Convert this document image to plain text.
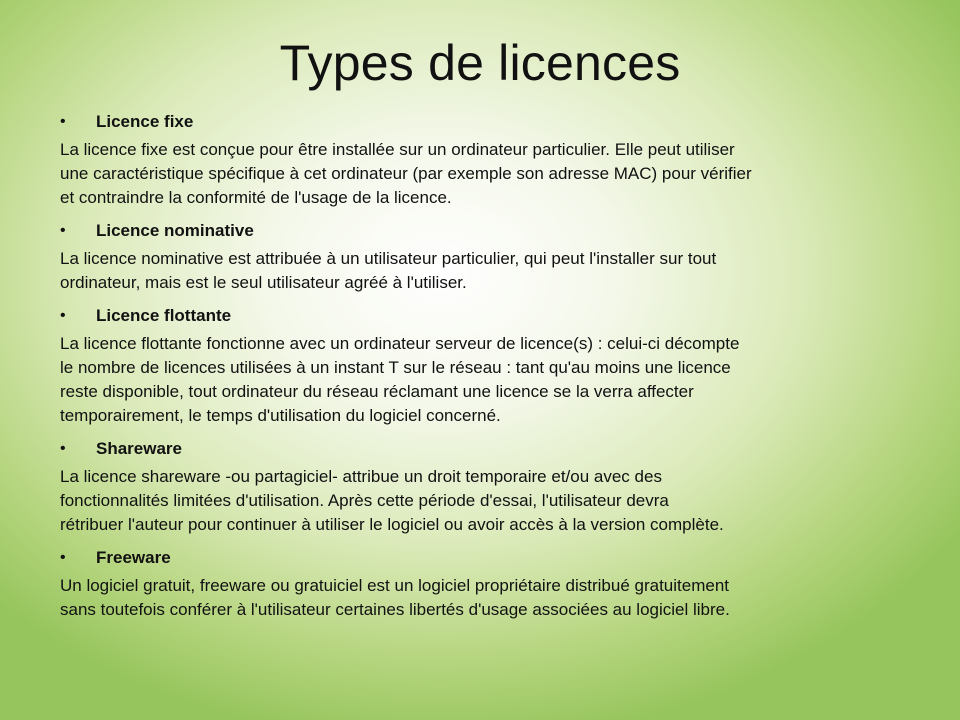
Types de licences
•	Licence fixe

La licence fixe est conçue pour être installée sur un ordinateur particulier. Elle peut utiliser
une caractéristique spécifique à cet ordinateur (par exemple son adresse MAC) pour vérifier
et contraindre la conformité de l'usage de la licence.

•	Licence nominative

La licence nominative est attribuée à un utilisateur particulier, qui peut l'installer sur tout
ordinateur, mais est le seul utilisateur agréé à l'utiliser.

•	Licence flottante

La licence flottante fonctionne avec un ordinateur serveur de licence(s) : celui-ci décompte
le nombre de licences utilisées à un instant T sur le réseau : tant qu'au moins une licence
reste disponible, tout ordinateur du réseau réclamant une licence se la verra affecter
temporairement, le temps d'utilisation du logiciel concerné.

•	Shareware

La licence shareware -ou partagiciel- attribue un droit temporaire et/ou avec des
fonctionnalités limitées d'utilisation. Après cette période d'essai, l'utilisateur devra
rétribuer l'auteur pour continuer à utiliser le logiciel ou avoir accès à la version complète.

•	Freeware

Un logiciel gratuit, freeware ou gratuiciel est un logiciel propriétaire distribué gratuitement
sans toutefois conférer à l'utilisateur certaines libertés d'usage associées au logiciel libre.
